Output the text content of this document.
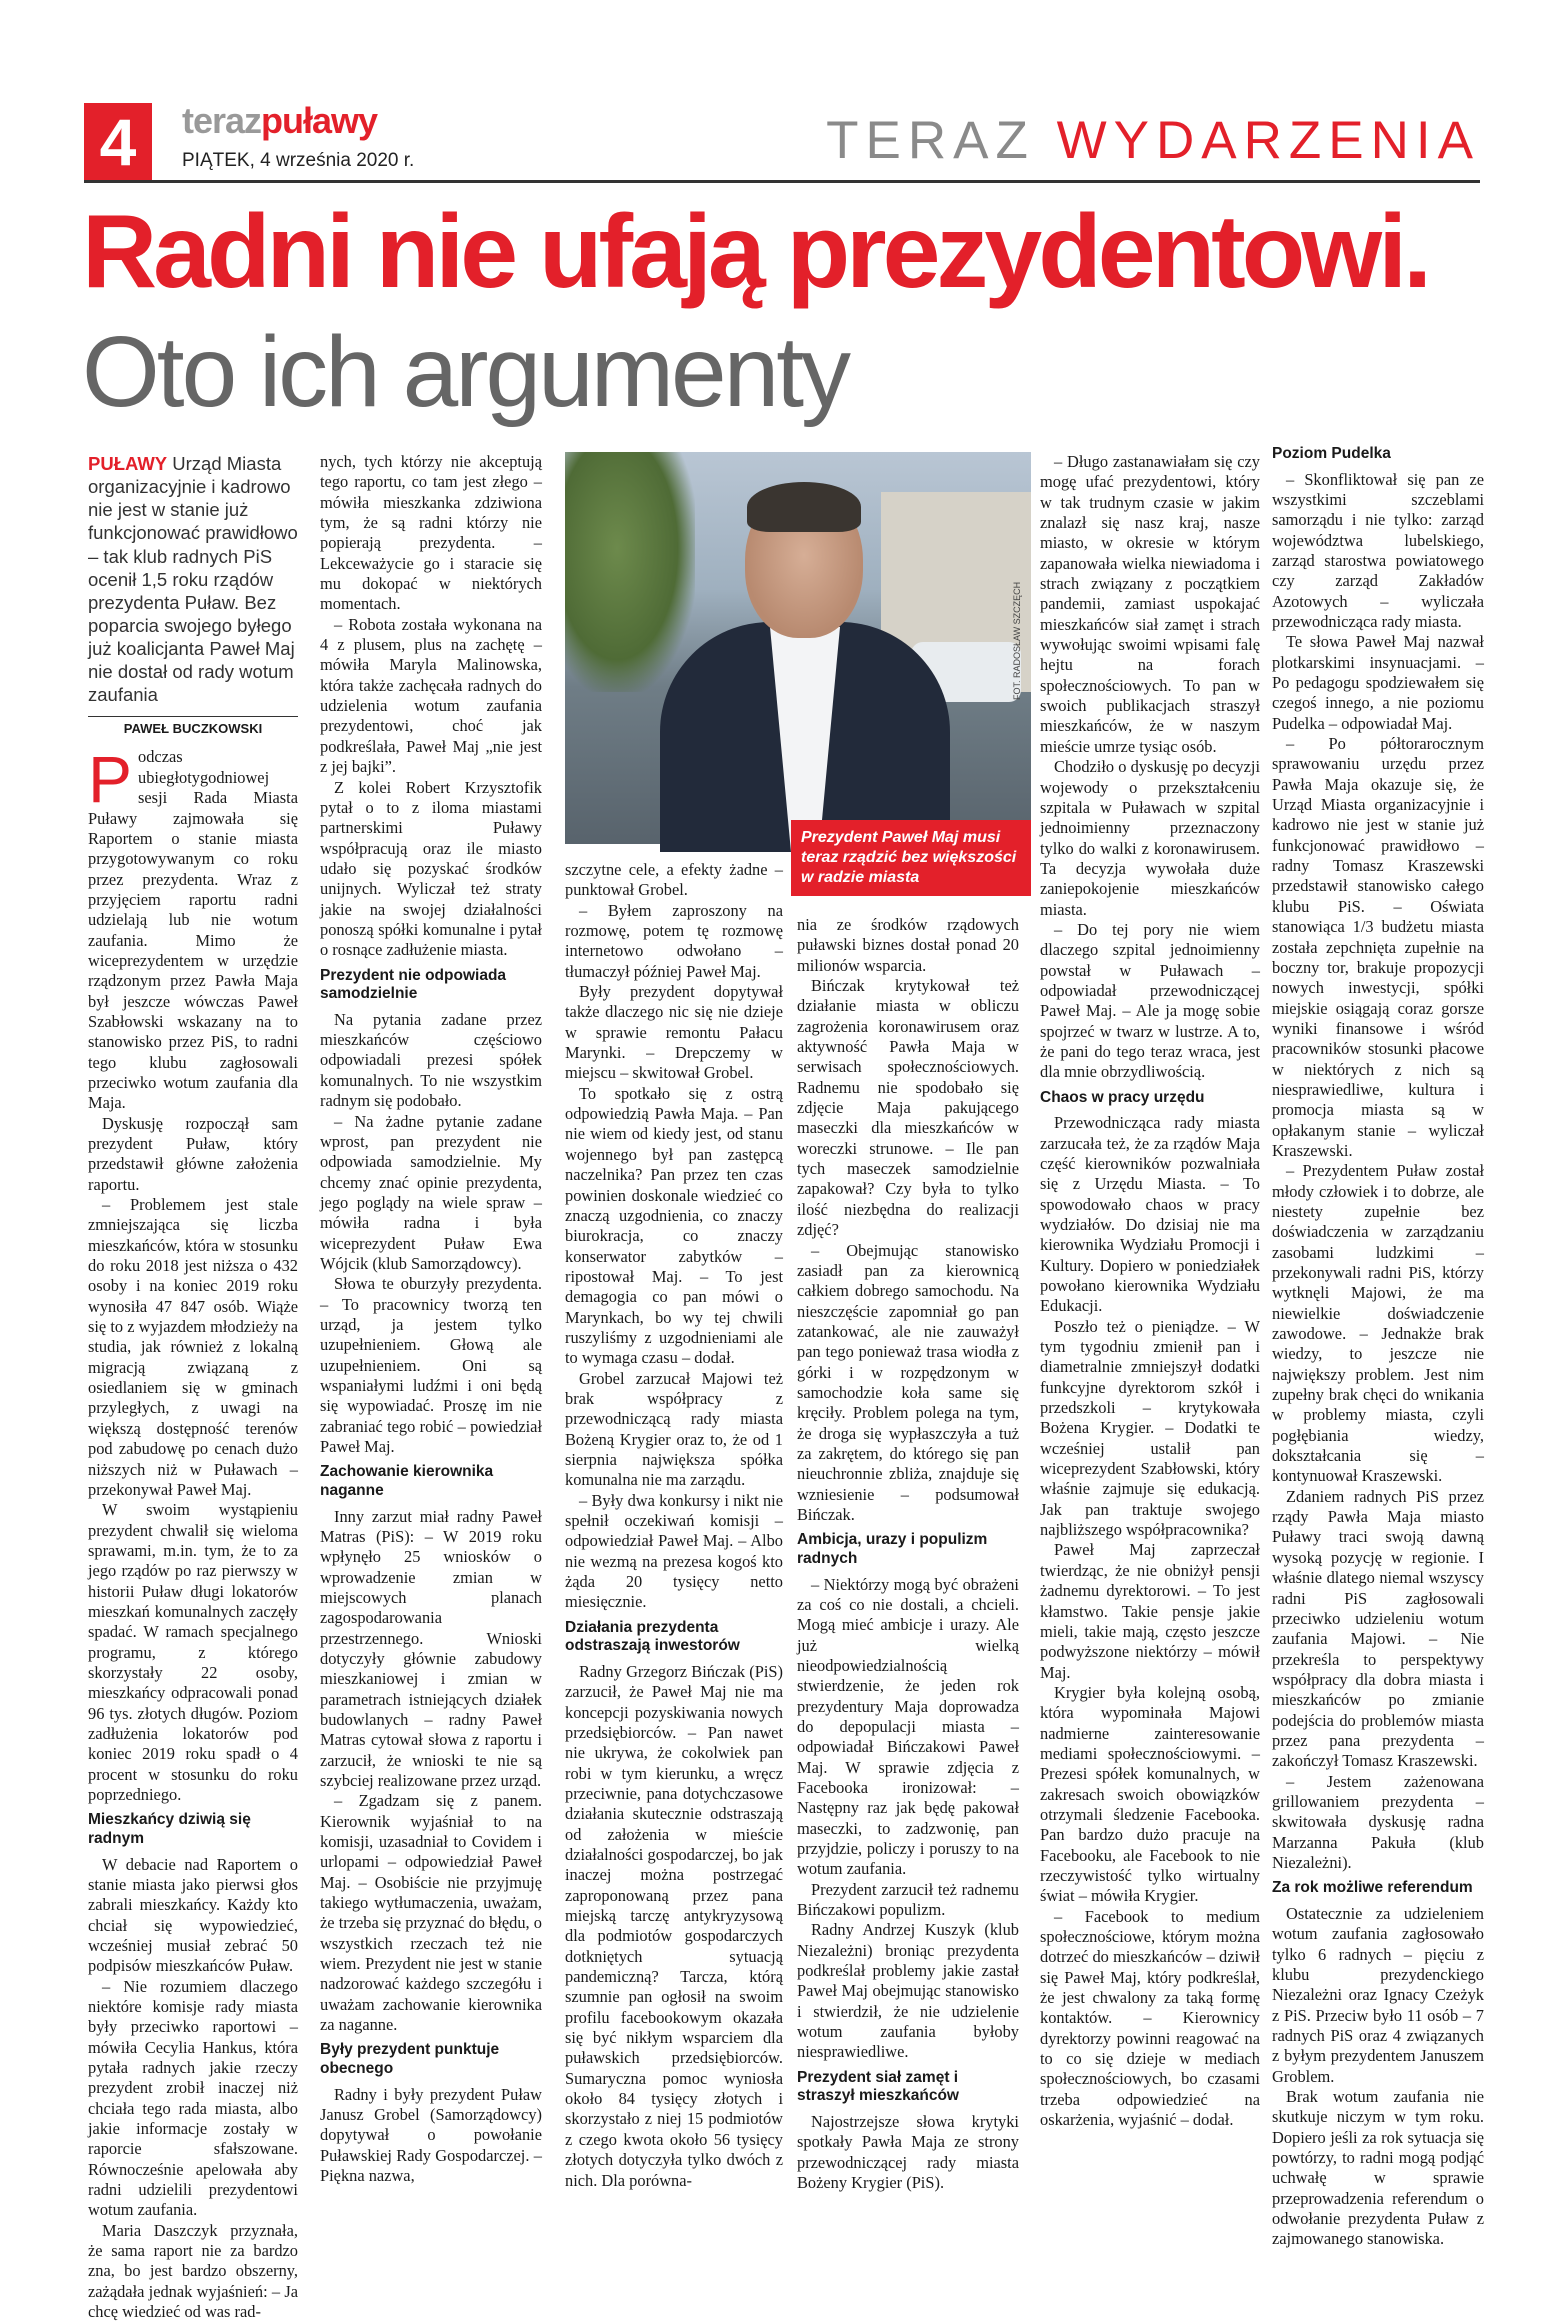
4	terazpuławy
PIĄTEK, 4 września 2020 r.	TERAZ WYDARZENIA
Radni nie ufają prezydentowi.
Oto ich argumenty
PUŁAWY Urząd Miasta organizacyjnie i kadrowo nie jest w stanie już funkcjonować prawidłowo – tak klub radnych PiS ocenił 1,5 roku rządów prezydenta Puław. Bez poparcia swojego byłego już koalicjanta Paweł Maj nie dostał od rady wotum zaufania
PAWEŁ BUCZKOWSKI

Podczas ubiegłotygodniowej sesji Rada Miasta Puławy zajmowała się Raportem o stanie miasta przygotowywanym co roku przez prezydenta. Wraz z przyjęciem raportu radni udzielają lub nie wotum zaufania. Mimo że wiceprezydentem w urzędzie rządzonym przez Pawła Maja był jeszcze wówczas Paweł Szabłowski wskazany na to stanowisko przez PiS, to radni tego klubu zagłosowali przeciwko wotum zaufania dla Maja.

Dyskusję rozpoczął sam prezydent Puław, który przedstawił główne założenia raportu.

– Problemem jest stale zmniejszająca się liczba mieszkańców, która w stosunku do roku 2018 jest niższa o 432 osoby i na koniec 2019 roku wynosiła 47 847 osób. Wiąże się to z wyjazdem młodzieży na studia, jak również z lokalną migracją związaną z osiedlaniem się w gminach przyległych, z uwagi na większą dostępność terenów pod zabudowę po cenach dużo niższych niż w Puławach – przekonywał Paweł Maj.

W swoim wystąpieniu prezydent chwalił się wieloma sprawami, m.in. tym, że to za jego rządów po raz pierwszy w historii Puław długi lokatorów mieszkań komunalnych zaczęły spadać. W ramach specjalnego programu, z którego skorzystały 22 osoby, mieszkańcy odpracowali ponad 96 tys. złotych długów. Poziom zadłużenia lokatorów pod koniec 2019 roku spadł o 4 procent w stosunku do roku poprzedniego.

Mieszkańcy dziwią się radnym

W debacie nad Raportem o stanie miasta jako pierwsi głos zabrali mieszkańcy. Każdy kto chciał się wypowiedzieć, wcześniej musiał zebrać 50 podpisów mieszkańców Puław.

– Nie rozumiem dlaczego niektóre komisje rady miasta były przeciwko raportowi – mówiła Cecylia Hankus, która pytała radnych jakie rzeczy prezydent zrobił inaczej niż chciała tego rada miasta, albo jakie informacje zostały w raporcie sfałszowane. Równocześnie apelowała aby radni udzielili prezydentowi wotum zaufania.

Maria Daszczyk przyznała, że sama raport nie za bardzo zna, bo jest bardzo obszerny, zażądała jednak wyjaśnień: – Ja chcę wiedzieć od was rad-

nych, tych którzy nie akceptują tego raportu, co tam jest złego – mówiła mieszkanka zdziwiona tym, że są radni którzy nie popierają prezydenta. – Lekceważycie go i staracie się mu dokopać w niektórych momentach.

– Robota została wykonana na 4 z plusem, plus na zachętę – mówiła Maryla Malinowska, która także zachęcała radnych do udzielenia wotum zaufania prezydentowi, choć jak podkreślała, Paweł Maj „nie jest z jej bajki”.

Z kolei Robert Krzysztofik pytał o to z iloma miastami partnerskimi Puławy współpracują oraz ile miasto udało się pozyskać środków unijnych. Wyliczał też straty jakie na swojej działalności ponoszą spółki komunalne i pytał o rosnące zadłużenie miasta.

Prezydent nie odpowiada samodzielnie

Na pytania zadane przez mieszkańców częściowo odpowiadali prezesi spółek komunalnych. To nie wszystkim radnym się podobało.

– Na żadne pytanie zadane wprost, pan prezydent nie odpowiada samodzielnie. My chcemy znać opinie prezydenta, jego poglądy na wiele spraw – mówiła radna i była wiceprezydent Puław Ewa Wójcik (klub Samorządowcy).

Słowa te oburzyły prezydenta. – To pracownicy tworzą ten urząd, ja jestem tylko uzupełnieniem. Głową ale uzupełnieniem. Oni są wspaniałymi ludźmi i oni będą się wypowiadać. Proszę im nie zabraniać tego robić – powiedział Paweł Maj.

Zachowanie kierownika naganne

Inny zarzut miał radny Paweł Matras (PiS): – W 2019 roku wpłynęło 25 wniosków o wprowadzenie zmian w miejscowych planach zagospodarowania przestrzennego. Wnioski dotyczyły głównie zabudowy mieszkaniowej i zmian w parametrach istniejących działek budowlanych – radny Paweł Matras cytował słowa z raportu i zarzucił, że wnioski te nie są szybciej realizowane przez urząd.

– Zgadzam się z panem. Kierownik wyjaśniał to na komisji, uzasadniał to Covidem i urlopami – odpowiedział Paweł Maj. – Osobiście nie przyjmuję takiego wytłumaczenia, uważam, że trzeba się przyznać do błędu, o wszystkich rzeczach też nie wiem. Prezydent nie jest w stanie nadzorować każdego szczegółu i uważam zachowanie kierownika za naganne.

Były prezydent punktuje obecnego

Radny i były prezydent Puław Janusz Grobel (Samorządowcy) dopytywał o powołanie Puławskiej Rady Gospodarczej. – Piękna nazwa,

FOT. RADOSŁAW SZCZĘCH
Prezydent Paweł Maj musi teraz rządzić bez większości w radzie miasta

szczytne cele, a efekty żadne – punktował Grobel.

– Byłem zaproszony na rozmowę, potem tę rozmowę internetowo odwołano – tłumaczył później Paweł Maj.

Były prezydent dopytywał także dlaczego nic się nie dzieje w sprawie remontu Pałacu Marynki. – Drepczemy w miejscu – skwitował Grobel.

To spotkało się z ostrą odpowiedzią Pawła Maja. – Pan nie wiem od kiedy jest, od stanu wojennego był pan zastępcą naczelnika? Pan przez ten czas powinien doskonale wiedzieć co znaczą uzgodnienia, co znaczy biurokracja, co znaczy konserwator zabytków – ripostował Maj. – To jest demagogia co pan mówi o Marynkach, bo wy tej chwili ruszyliśmy z uzgodnieniami ale to wymaga czasu – dodał.

Grobel zarzucał Majowi też brak współpracy z przewodniczącą rady miasta Bożeną Krygier oraz to, że od 1 sierpnia największa spółka komunalna nie ma zarządu.

– Były dwa konkursy i nikt nie spełnił oczekiwań komisji – odpowiedział Paweł Maj. – Albo nie wezmą na prezesa kogoś kto żąda 20 tysięcy netto miesięcznie.

Działania prezydenta odstraszają inwestorów

Radny Grzegorz Bińczak (PiS) zarzucił, że Paweł Maj nie ma koncepcji pozyskiwania nowych przedsiębiorców. – Pan nawet nie ukrywa, że cokolwiek pan robi w tym kierunku, a wręcz przeciwnie, pana dotychczasowe działania skutecznie odstraszają od założenia w mieście działalności gospodarczej, bo jak inaczej można postrzegać zaproponowaną przez pana miejską tarczę antykryzysową dla podmiotów gospodarczych dotkniętych sytuacją pandemiczną? Tarcza, którą szumnie pan ogłosił na swoim profilu facebookowym okazała się być nikłym wsparciem dla puławskich przedsiębiorców. Sumaryczna pomoc wyniosła około 84 tysięcy złotych i skorzystało z niej 15 podmiotów z czego kwota około 56 tysięcy złotych dotyczyła tylko dwóch z nich. Dla porówna-

nia ze środków rządowych puławski biznes dostał ponad 20 milionów wsparcia.

Bińczak krytykował też działanie miasta w obliczu zagrożenia koronawirusem oraz aktywność Pawła Maja w serwisach społecznościowych. Radnemu nie spodobało się zdjęcie Maja pakującego maseczki dla mieszkańców w woreczki strunowe. – Ile pan tych maseczek samodzielnie zapakował? Czy była to tylko ilość niezbędna do realizacji zdjęć?

– Obejmując stanowisko zasiadł pan za kierownicą całkiem dobrego samochodu. Na nieszczęście zapomniał go pan zatankować, ale nie zauważył pan tego ponieważ trasa wiodła z górki i w rozpędzonym w samochodzie koła same się kręciły. Problem polega na tym, że droga się wypłaszczyła a tuż za zakrętem, do którego się pan nieuchronnie zbliża, znajduje się wzniesienie – podsumował Bińczak.

Ambicja, urazy i populizm radnych

– Niektórzy mogą być obrażeni za coś co nie dostali, a chcieli. Mogą mieć ambicje i urazy. Ale już wielką nieodpowiedzialnością stwierdzenie, że jeden rok prezydentury Maja doprowadza do depopulacji miasta – odpowiadał Bińczakowi Paweł Maj. W sprawie zdjęcia z Facebooka ironizował: – Następny raz jak będę pakował maseczki, to zadzwonię, pan przyjdzie, policzy i poruszy to na wotum zaufania.

Prezydent zarzucił też radnemu Bińczakowi populizm.

Radny Andrzej Kuszyk (klub Niezależni) broniąc prezydenta podkreślał problemy jakie zastał Paweł Maj obejmując stanowisko i stwierdził, że nie udzielenie wotum zaufania byłoby niesprawiedliwe.

Prezydent siał zamęt i straszył mieszkańców

Najostrzejsze słowa krytyki spotkały Pawła Maja ze strony przewodniczącej rady miasta Bożeny Krygier (PiS).

– Długo zastanawiałam się czy mogę ufać prezydentowi, który w tak trudnym czasie w jakim znalazł się nasz kraj, nasze miasto, w okresie w którym zapanowała wielka niewiadoma i strach związany z początkiem pandemii, zamiast uspokajać mieszkańców siał zamęt i strach wywołując swoimi wpisami falę hejtu na forach społecznościowych. To pan w swoich publikacjach straszył mieszkańców, że w naszym mieście umrze tysiąc osób.

Chodziło o dyskusję po decyzji wojewody o przekształceniu szpitala w Puławach w szpital jednoimienny przeznaczony tylko do walki z koronawirusem. Ta decyzja wywołała duże zaniepokojenie mieszkańców miasta.

– Do tej pory nie wiem dlaczego szpital jednoimienny powstał w Puławach – odpowiadał przewodniczącej Paweł Maj. – Ale ja mogę sobie spojrzeć w twarz w lustrze. A to, że pani do tego teraz wraca, jest dla mnie obrzydliwością.

Chaos w pracy urzędu

Przewodnicząca rady miasta zarzucała też, że za rządów Maja część kierowników pozwalniała się z Urzędu Miasta. – To spowodowało chaos w pracy wydziałów. Do dzisiaj nie ma kierownika Wydziału Promocji i Kultury. Dopiero w poniedziałek powołano kierownika Wydziału Edukacji.

Poszło też o pieniądze. – W tym tygodniu zmienił pan i diametralnie zmniejszył dodatki funkcyjne dyrektorom szkół i przedszkoli – krytykowała Bożena Krygier. – Dodatki te wcześniej ustalił pan wiceprezydent Szabłowski, który właśnie zajmuje się edukacją. Jak pan traktuje swojego najbliższego współpracownika?

Paweł Maj zaprzeczał twierdząc, że nie obniżył pensji żadnemu dyrektorowi. – To jest kłamstwo. Takie pensje jakie mieli, takie mają, często jeszcze podwyższone niektórzy – mówił Maj.

Krygier była kolejną osobą, która wypominała Majowi nadmierne zainteresowanie mediami społecznościowymi. – Prezesi spółek komunalnych, w zakresach swoich obowiązków otrzymali śledzenie Facebooka. Pan bardzo dużo pracuje na Facebooku, ale Facebook to nie rzeczywistość tylko wirtualny świat – mówiła Krygier.

– Facebook to medium społecznościowe, którym można dotrzeć do mieszkańców – dziwił się Paweł Maj, który podkreślał, że jest chwalony za taką formę kontaktów. – Kierownicy dyrektorzy powinni reagować na to co się dzieje w mediach społecznościowych, bo czasami trzeba odpowiedzieć na oskarżenia, wyjaśnić – dodał.

Poziom Pudelka

– Skonfliktował się pan ze wszystkimi szczeblami samorządu i nie tylko: zarząd województwa lubelskiego, zarząd starostwa powiatowego czy zarząd Zakładów Azotowych – wyliczała przewodnicząca rady miasta.

Te słowa Paweł Maj nazwał plotkarskimi insynuacjami. – Po pedagogu spodziewałem się czegoś innego, a nie poziomu Pudelka – odpowiadał Maj.

– Po półtorarocznym sprawowaniu urzędu przez Pawła Maja okazuje się, że Urząd Miasta organizacyjnie i kadrowo nie jest w stanie już funkcjonować prawidłowo – radny Tomasz Kraszewski przedstawił stanowisko całego klubu PiS. – Oświata stanowiąca 1/3 budżetu miasta została zepchnięta zupełnie na boczny tor, brakuje propozycji nowych inwestycji, spółki miejskie osiągają coraz gorsze wyniki finansowe i wśród pracowników stosunki płacowe w niektórych z nich są niesprawiedliwe, kultura i promocja miasta są w opłakanym stanie – wyliczał Kraszewski.

– Prezydentem Puław został młody człowiek i to dobrze, ale niestety zupełnie bez doświadczenia w zarządzaniu zasobami ludzkimi – przekonywali radni PiS, którzy wytknęli Majowi, że ma niewielkie doświadczenie zawodowe. – Jednakże brak wiedzy, to jeszcze nie największy problem. Jest nim zupełny brak chęci do wnikania w problemy miasta, czyli pogłębiania wiedzy, dokształcania się – kontynuował Kraszewski.

Zdaniem radnych PiS przez rządy Pawła Maja miasto Puławy traci swoją dawną wysoką pozycję w regionie. I właśnie dlatego niemal wszyscy radni PiS zagłosowali przeciwko udzieleniu wotum zaufania Majowi. – Nie przekreśla to perspektywy współpracy dla dobra miasta i mieszkańców po zmianie podejścia do problemów miasta przez pana prezydenta – zakończył Tomasz Kraszewski.

– Jestem zażenowana grillowaniem prezydenta – skwitowała dyskusję radna Marzanna Pakuła (klub Niezależni).

Za rok możliwe referendum

Ostatecznie za udzieleniem wotum zaufania zagłosowało tylko 6 radnych – pięciu z klubu prezydenckiego Niezależni oraz Ignacy Czeżyk z PiS. Przeciw było 11 osób – 7 radnych PiS oraz 4 związanych z byłym prezydentem Januszem Groblem.

Brak wotum zaufania nie skutkuje niczym w tym roku. Dopiero jeśli za rok sytuacja się powtórzy, to radni mogą podjąć uchwałę w sprawie przeprowadzenia referendum o odwołanie prezydenta Puław z zajmowanego stanowiska.
